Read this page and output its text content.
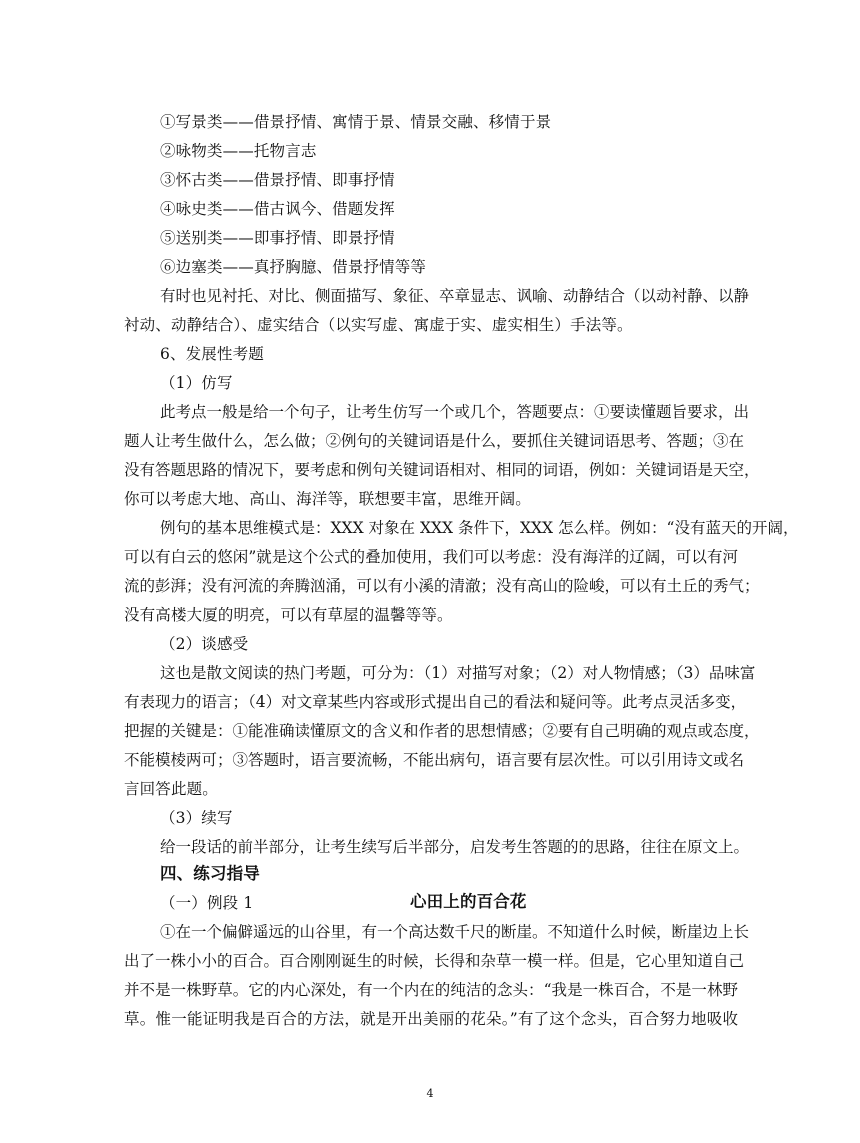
①写景类——借景抒情、寓情于景、情景交融、移情于景
②咏物类——托物言志
③怀古类——借景抒情、即事抒情
④咏史类——借古讽今、借题发挥
⑤送别类——即事抒情、即景抒情
⑥边塞类——真抒胸臆、借景抒情等等
有时也见衬托、对比、侧面描写、象征、卒章显志、讽喻、动静结合（以动衬静、以静
衬动、动静结合）、虚实结合（以实写虚、寓虚于实、虚实相生）手法等。
6、发展性考题
（1）仿写
此考点一般是给一个句子，让考生仿写一个或几个，答题要点：①要读懂题旨要求，出
题人让考生做什么，怎么做；②例句的关键词语是什么，要抓住关键词语思考、答题；③在
没有答题思路的情况下，要考虑和例句关键词语相对、相同的词语，例如：关键词语是天空，
你可以考虑大地、高山、海洋等，联想要丰富，思维开阔。
例句的基本思维模式是：XXX 对象在 XXX 条件下，XXX 怎么样。例如：“没有蓝天的开阔，
可以有白云的悠闲”就是这个公式的叠加使用，我们可以考虑：没有海洋的辽阔，可以有河
流的彭湃；没有河流的奔腾汹涌，可以有小溪的清澈；没有高山的险峻，可以有土丘的秀气；
没有高楼大厦的明亮，可以有草屋的温馨等等。
（2）谈感受
这也是散文阅读的热门考题，可分为：（1）对描写对象；（2）对人物情感；（3）品味富
有表现力的语言；（4）对文章某些内容或形式提出自己的看法和疑问等。此考点灵活多变，
把握的关键是：①能准确读懂原文的含义和作者的思想情感；②要有自己明确的观点或态度，
不能模棱两可；③答题时，语言要流畅，不能出病句，语言要有层次性。可以引用诗文或名
言回答此题。
（3）续写
给一段话的前半部分，让考生续写后半部分，启发考生答题的的思路，往往在原文上。
四、练习指导
（一）例段 1	心田上的百合花
①在一个偏僻遥远的山谷里，有一个高达数千尺的断崖。不知道什么时候，断崖边上长
出了一株小小的百合。百合刚刚诞生的时候，长得和杂草一模一样。但是，它心里知道自己
并不是一株野草。它的内心深处，有一个内在的纯洁的念头：“我是一株百合，不是一林野
草。惟一能证明我是百合的方法，就是开出美丽的花朵。”有了这个念头，百合努力地吸收
4
